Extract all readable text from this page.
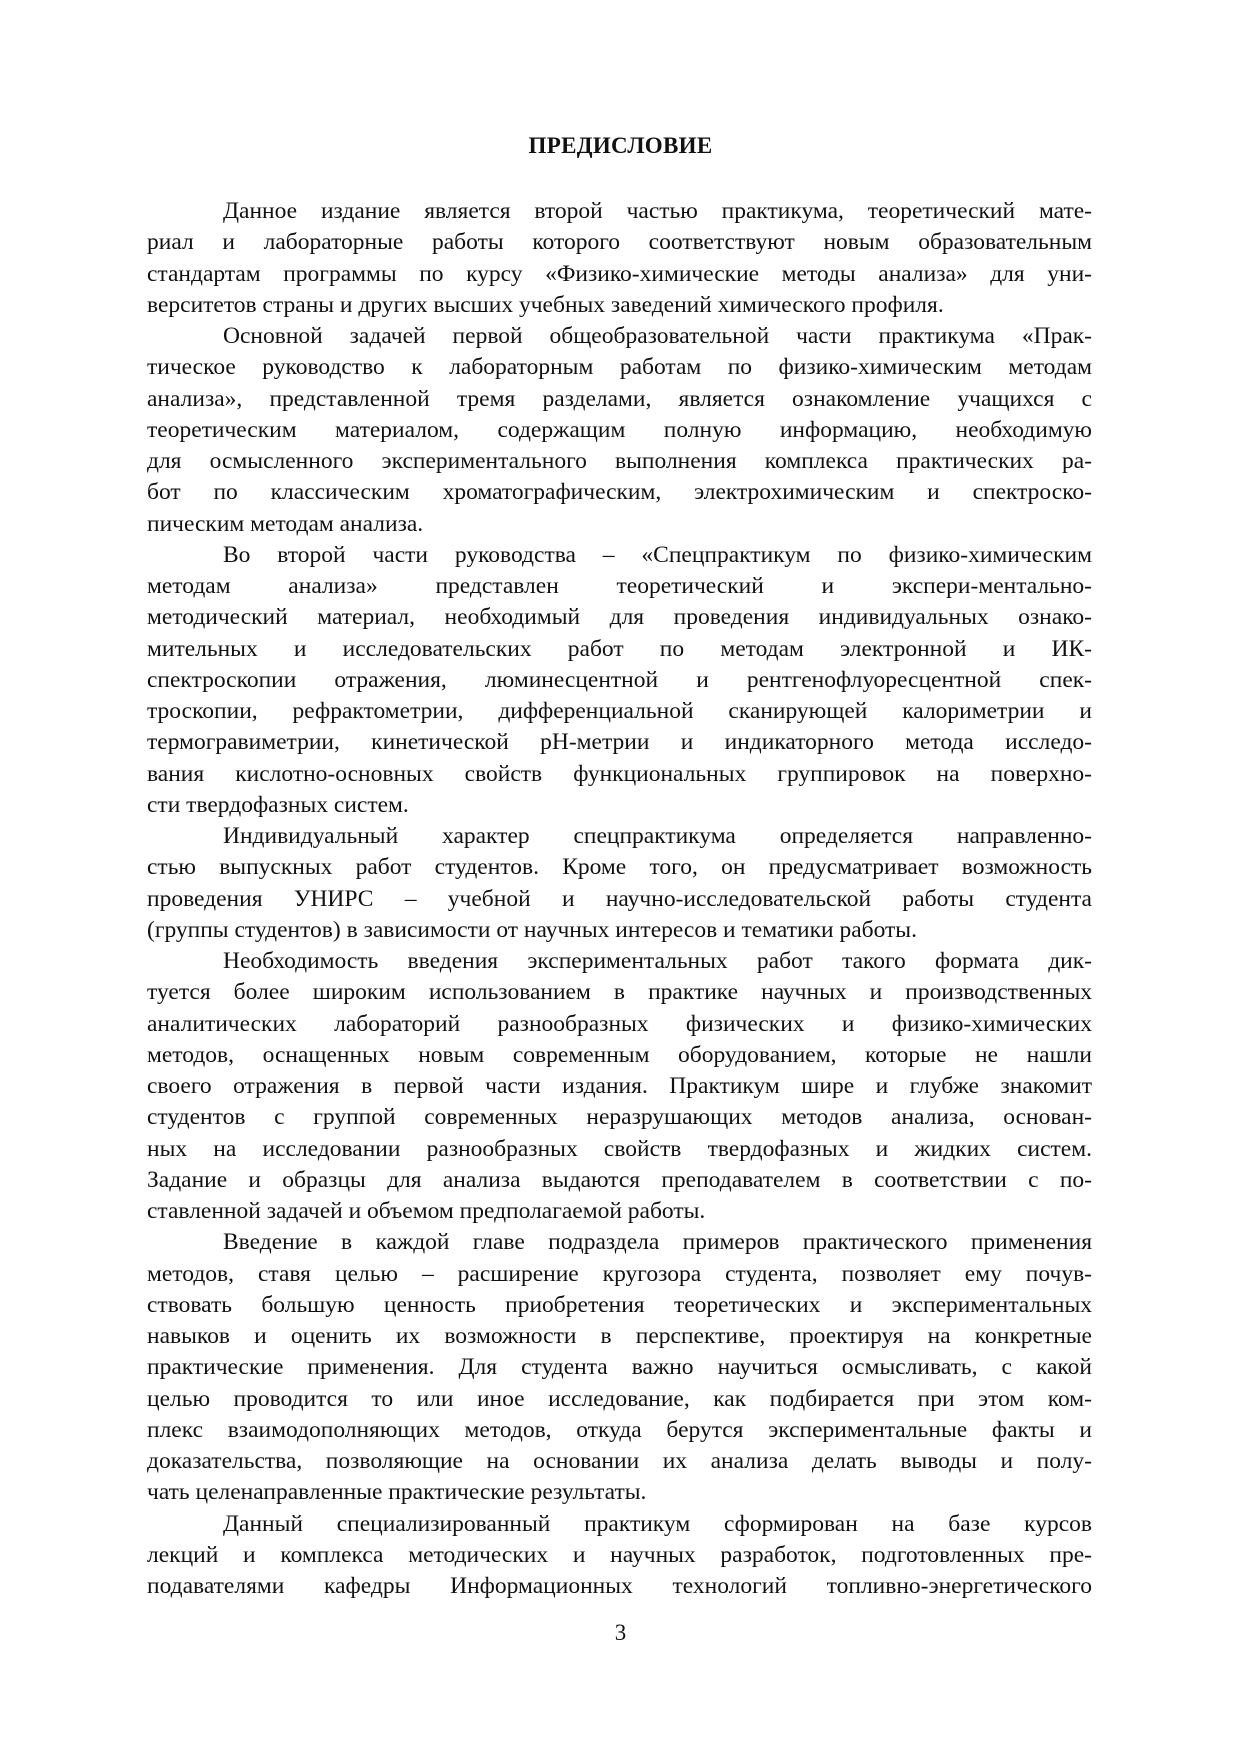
ПРЕДИСЛОВИЕ
Данное издание является второй частью практикума, теоретический мате-
риал и лабораторные работы которого соответствуют новым образовательным
стандартам программы по курсу «Физико-химические методы анализа» для уни-
верситетов страны и других высших учебных заведений химического профиля.
Основной задачей первой общеобразовательной части практикума «Прак-
тическое руководство к лабораторным работам по физико-химическим методам
анализа», представленной тремя разделами, является ознакомление учащихся с
теоретическим материалом, содержащим полную информацию, необходимую
для осмысленного экспериментального выполнения комплекса практических ра-
бот по классическим хроматографическим, электрохимическим и спектроско-
пическим методам анализа.
Во второй части руководства – «Спецпрактикум по физико-химическим
методам анализа» представлен теоретический и экспери-ментально-
методический материал, необходимый для проведения индивидуальных ознако-
мительных и исследовательских работ по методам электронной и ИК-
спектроскопии отражения, люминесцентной и рентгенофлуоресцентной спек-
троскопии, рефрактометрии, дифференциальной сканирующей калориметрии и
термогравиметрии, кинетической pH-метрии и индикаторного метода исследо-
вания кислотно-основных свойств функциональных группировок на поверхно-
сти твердофазных систем.
Индивидуальный характер спецпрактикума определяется направленно-
стью выпускных работ студентов. Кроме того, он предусматривает возможность
проведения УНИРС – учебной и научно-исследовательской работы студента
(группы студентов) в зависимости от научных интересов и тематики работы.
Необходимость введения экспериментальных работ такого формата дик-
туется более широким использованием в практике научных и производственных
аналитических лабораторий разнообразных физических и физико-химических
методов, оснащенных новым современным оборудованием, которые не нашли
своего отражения в первой части издания. Практикум шире и глубже знакомит
студентов с группой современных неразрушающих методов анализа, основан-
ных на исследовании разнообразных свойств твердофазных и жидких систем.
Задание и образцы для анализа выдаются преподавателем в соответствии с по-
ставленной задачей и объемом предполагаемой работы.
Введение в каждой главе подраздела примеров практического применения
методов, ставя целью – расширение кругозора студента, позволяет ему почув-
ствовать большую ценность приобретения теоретических и экспериментальных
навыков и оценить их возможности в перспективе, проектируя на конкретные
практические применения. Для студента важно научиться осмысливать, с какой
целью проводится то или иное исследование, как подбирается при этом ком-
плекс взаимодополняющих методов, откуда берутся экспериментальные факты и
доказательства, позволяющие на основании их анализа делать выводы и полу-
чать целенаправленные практические результаты.
Данный специализированный практикум сформирован на базе курсов
лекций и комплекса методических и научных разработок, подготовленных пре-
подавателями кафедры Информационных технологий топливно-энергетического
3
